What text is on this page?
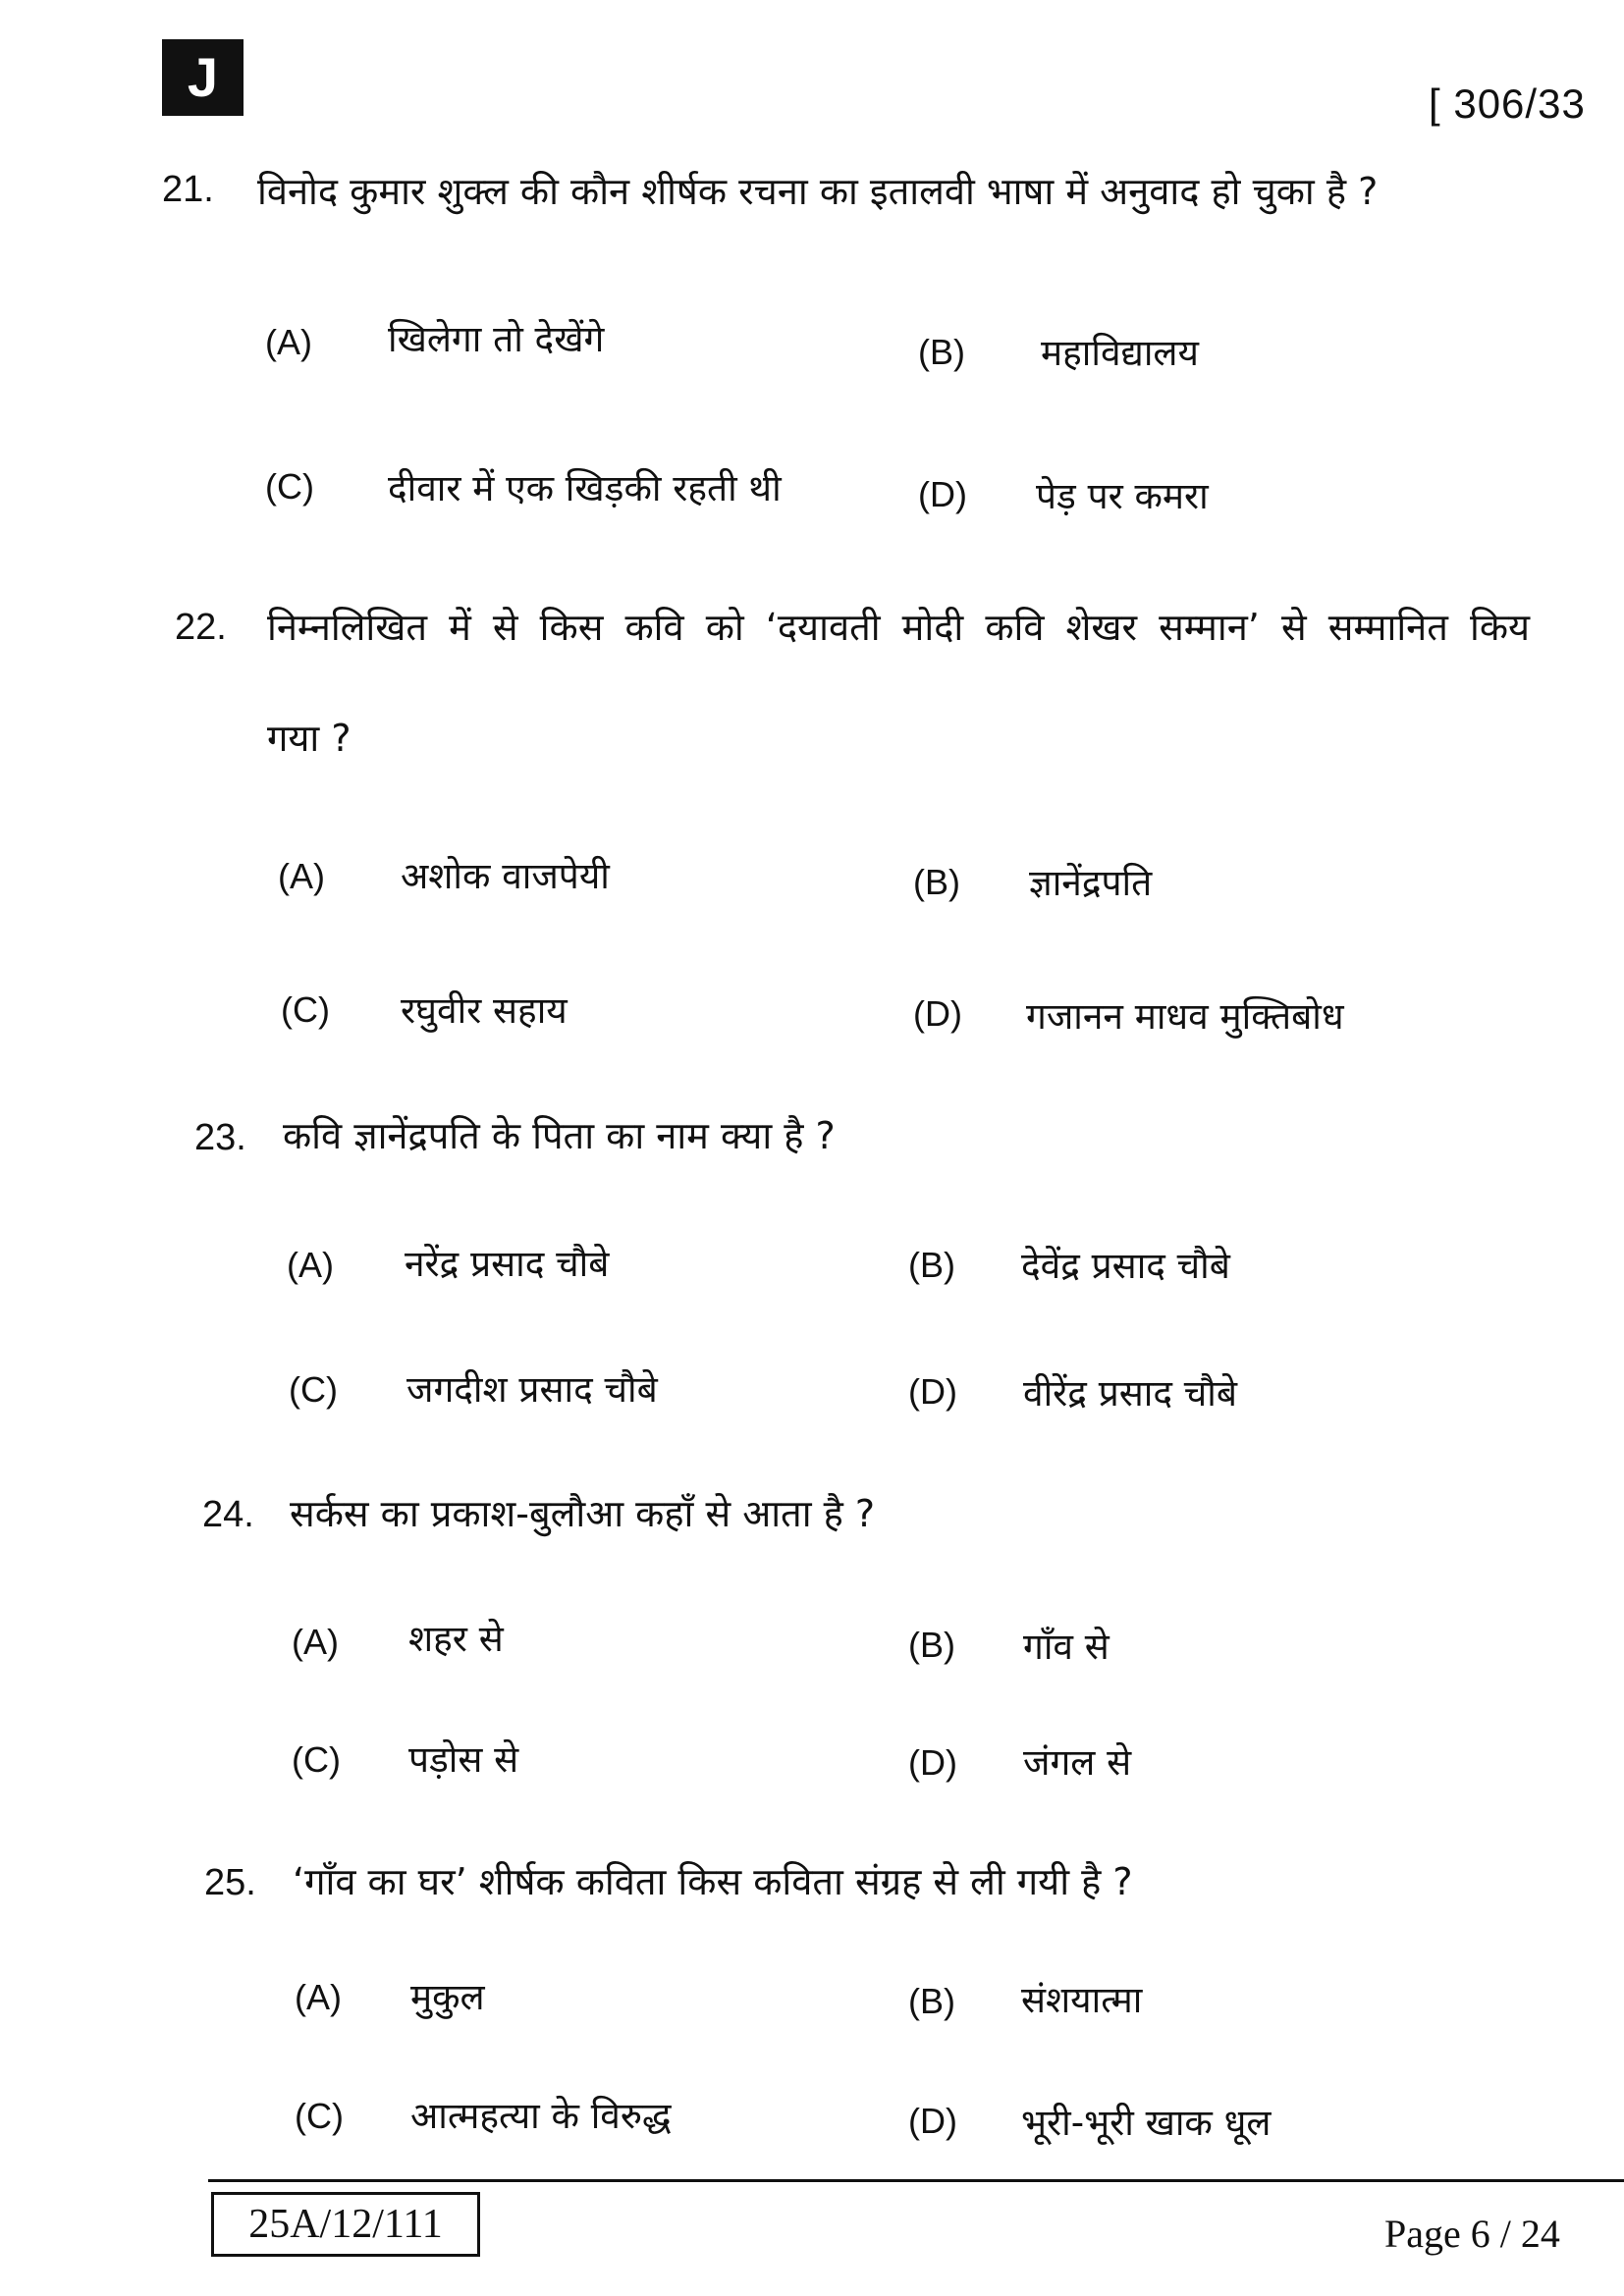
J	[ 306/33
21. विनोद कुमार शुक्ल की कौन शीर्षक रचना का इतालवी भाषा में अनुवाद हो चुका है ?
(A) खिलेगा तो देखेंगे	(B) महाविद्यालय
(C) दीवार में एक खिड़की रहती थी	(D) पेड़ पर कमरा
22. निम्नलिखित में से किस कवि को ‘दयावती मोदी कवि शेखर सम्मान’ से सम्मानित किय
गया ?
(A) अशोक वाजपेयी	(B) ज्ञानेंद्रपति
(C) रघुवीर सहाय	(D) गजानन माधव मुक्तिबोध
23. कवि ज्ञानेंद्रपति के पिता का नाम क्या है ?
(A) नरेंद्र प्रसाद चौबे	(B) देवेंद्र प्रसाद चौबे
(C) जगदीश प्रसाद चौबे	(D) वीरेंद्र प्रसाद चौबे
24. सर्कस का प्रकाश-बुलौआ कहाँ से आता है ?
(A) शहर से	(B) गाँव से
(C) पड़ोस से	(D) जंगल से
25. ‘गाँव का घर’ शीर्षक कविता किस कविता संग्रह से ली गयी है ?
(A) मुकुल	(B) संशयात्मा
(C) आत्महत्या के विरुद्ध	(D) भूरी-भूरी खाक धूल
25A/12/111	Page 6 / 24
